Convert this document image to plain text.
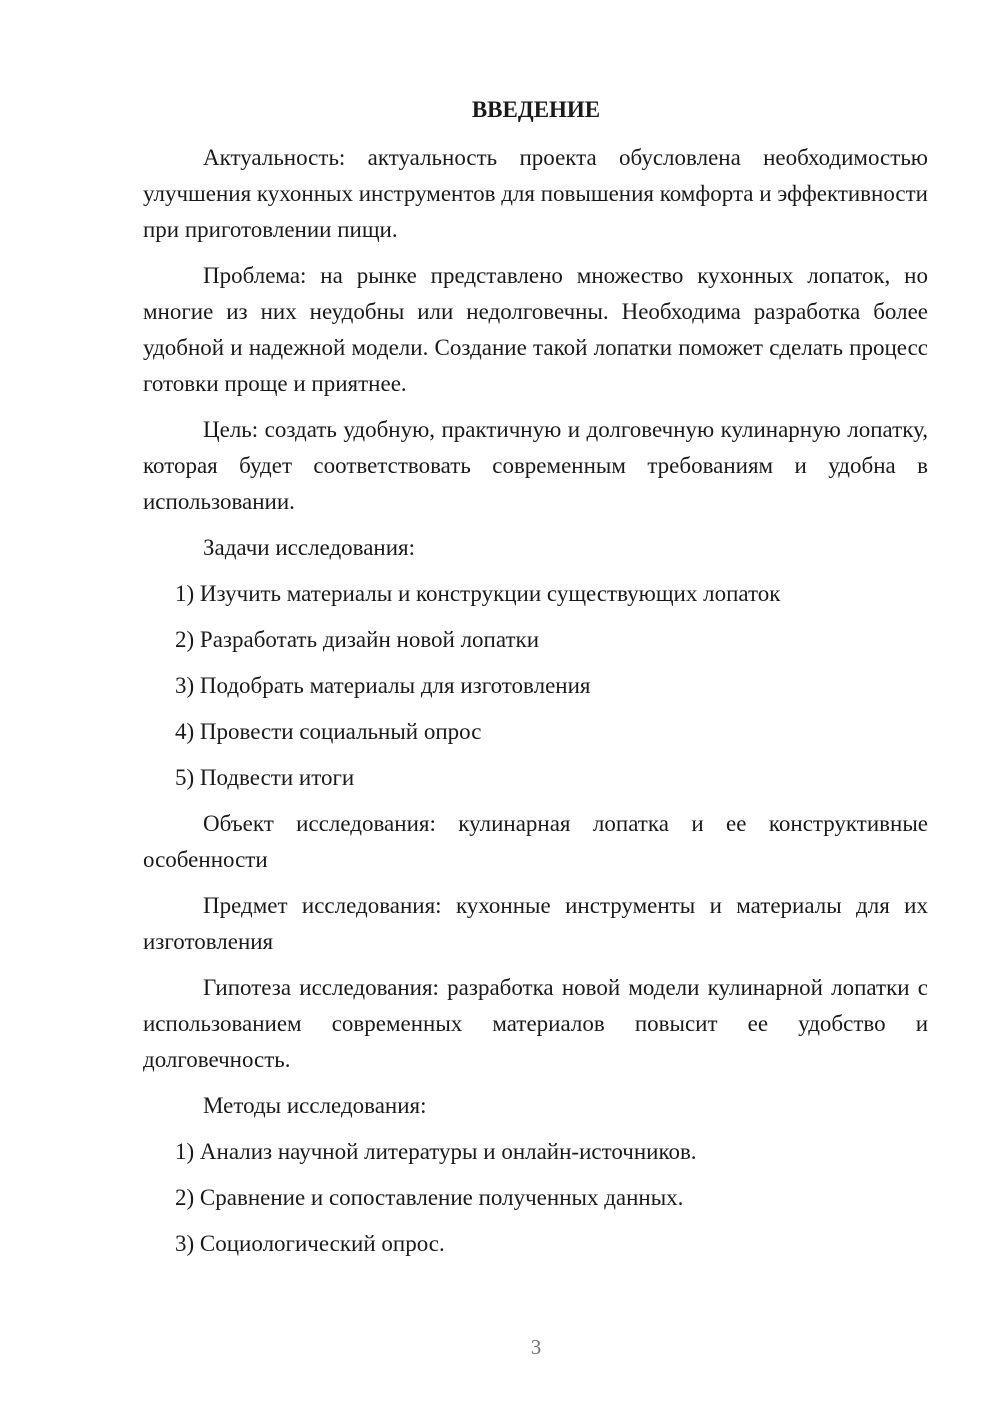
ВВЕДЕНИЕ

Актуальность: актуальность проекта обусловлена необходимостью улучшения кухонных инструментов для повышения комфорта и эффективности при приготовлении пищи.

Проблема: на рынке представлено множество кухонных лопаток, но многие из них неудобны или недолговечны. Необходима разработка более удобной и надежной модели. Создание такой лопатки поможет сделать процесс готовки проще и приятнее.

Цель: создать удобную, практичную и долговечную кулинарную лопатку, которая будет соответствовать современным требованиям и удобна в использовании.

Задачи исследования:

1) Изучить материалы и конструкции существующих лопаток
2) Разработать дизайн новой лопатки
3) Подобрать материалы для изготовления
4) Провести социальный опрос
5) Подвести итоги

Объект исследования: кулинарная лопатка и ее конструктивные особенности

Предмет исследования: кухонные инструменты и материалы для их изготовления

Гипотеза исследования: разработка новой модели кулинарной лопатки с использованием современных материалов повысит ее удобство и долговечность.

Методы исследования:

1) Анализ научной литературы и онлайн-источников.
2) Сравнение и сопоставление полученных данных.
3) Социологический опрос.
3
